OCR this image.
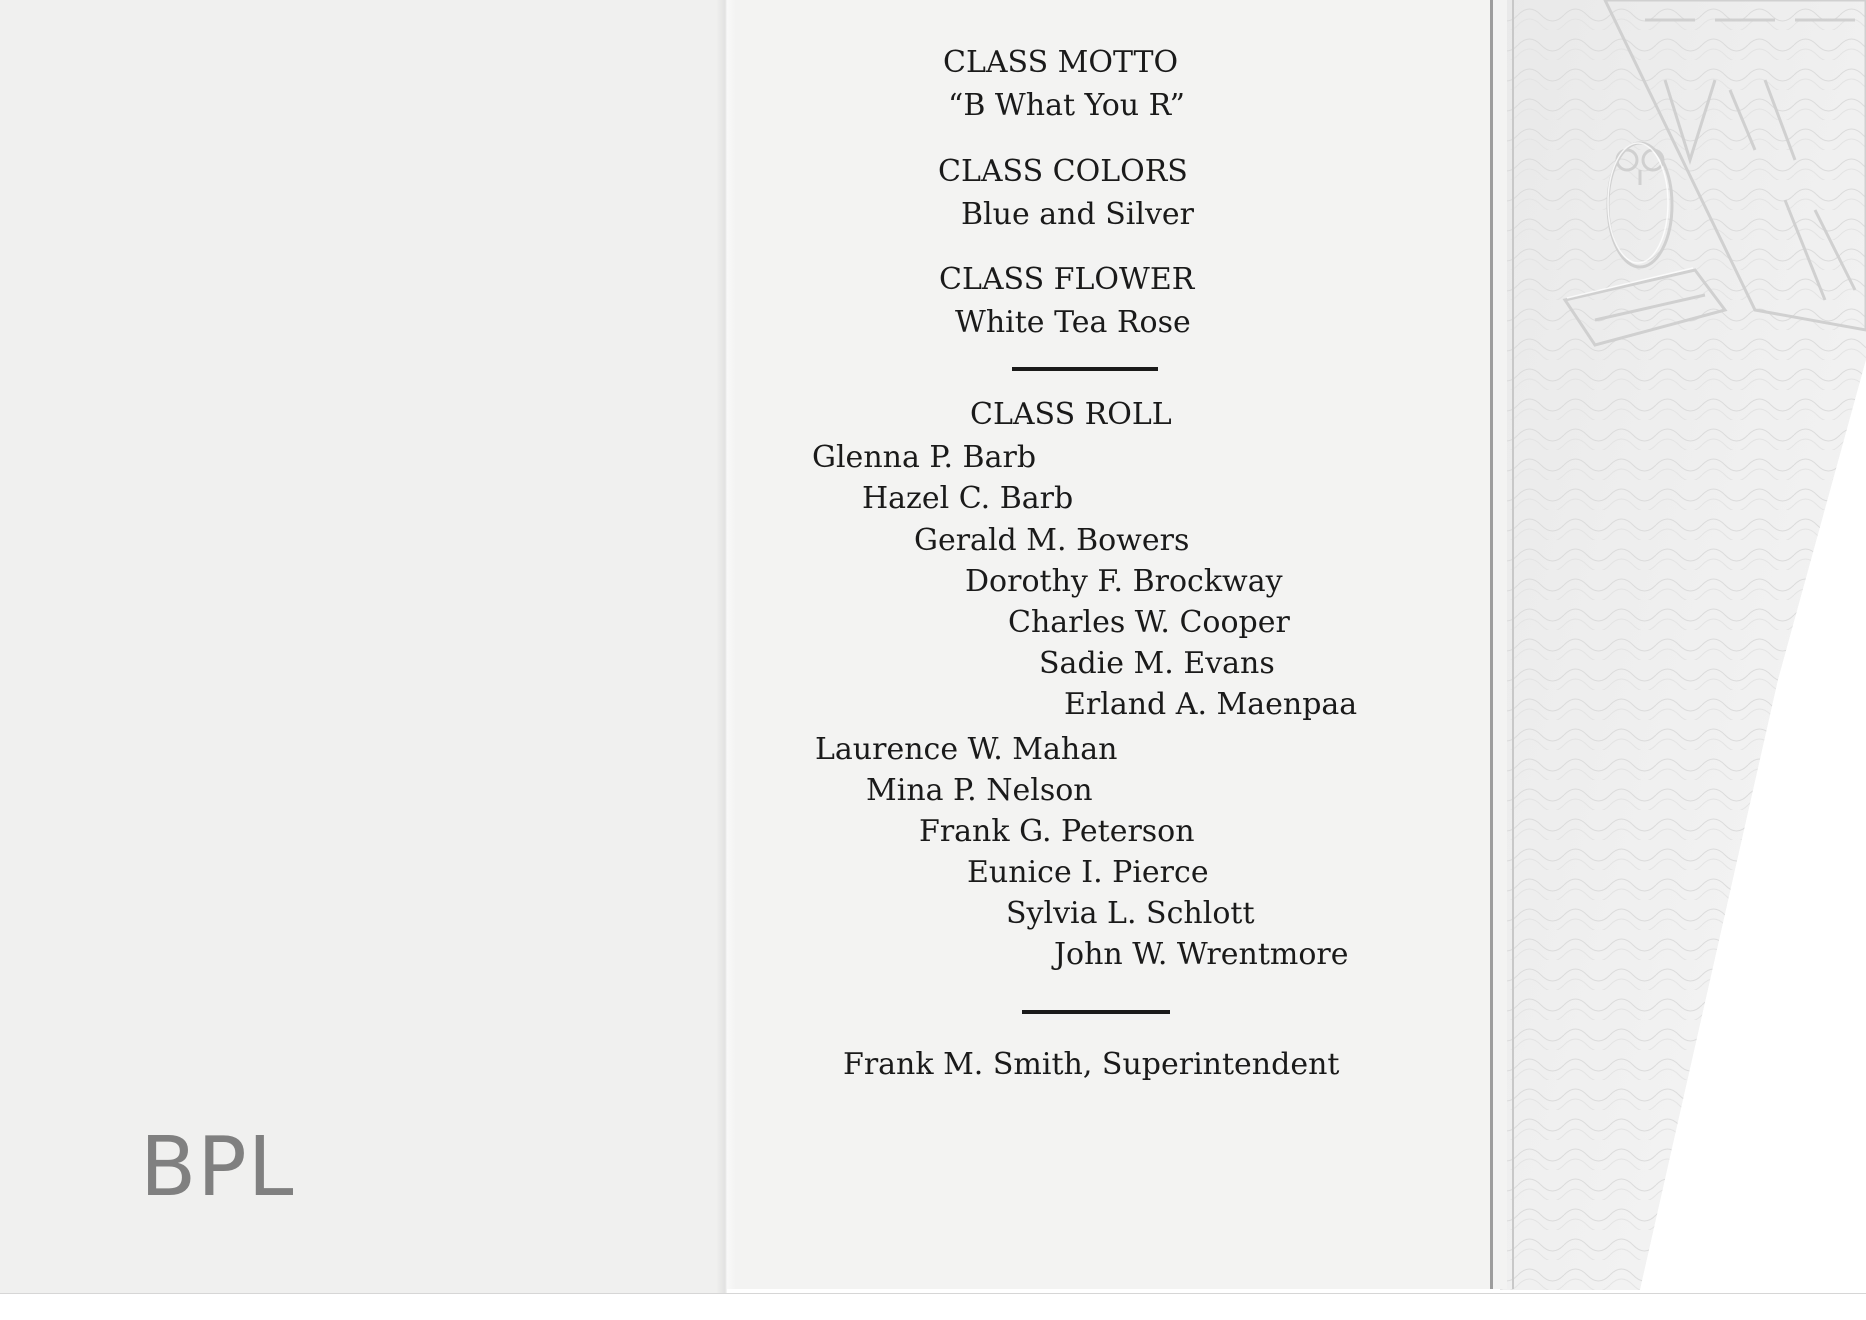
BPL
CLASS MOTTO
“B What You R”
CLASS COLORS
Blue and Silver
CLASS FLOWER
White Tea Rose
CLASS ROLL
Glenna P. Barb
Hazel C. Barb
Gerald M. Bowers
Dorothy F. Brockway
Charles W. Cooper
Sadie M. Evans
Erland A. Maenpaa
Laurence W. Mahan
Mina P. Nelson
Frank G. Peterson
Eunice I. Pierce
Sylvia L. Schlott
John W. Wrentmore
Frank M. Smith, Superintendent
